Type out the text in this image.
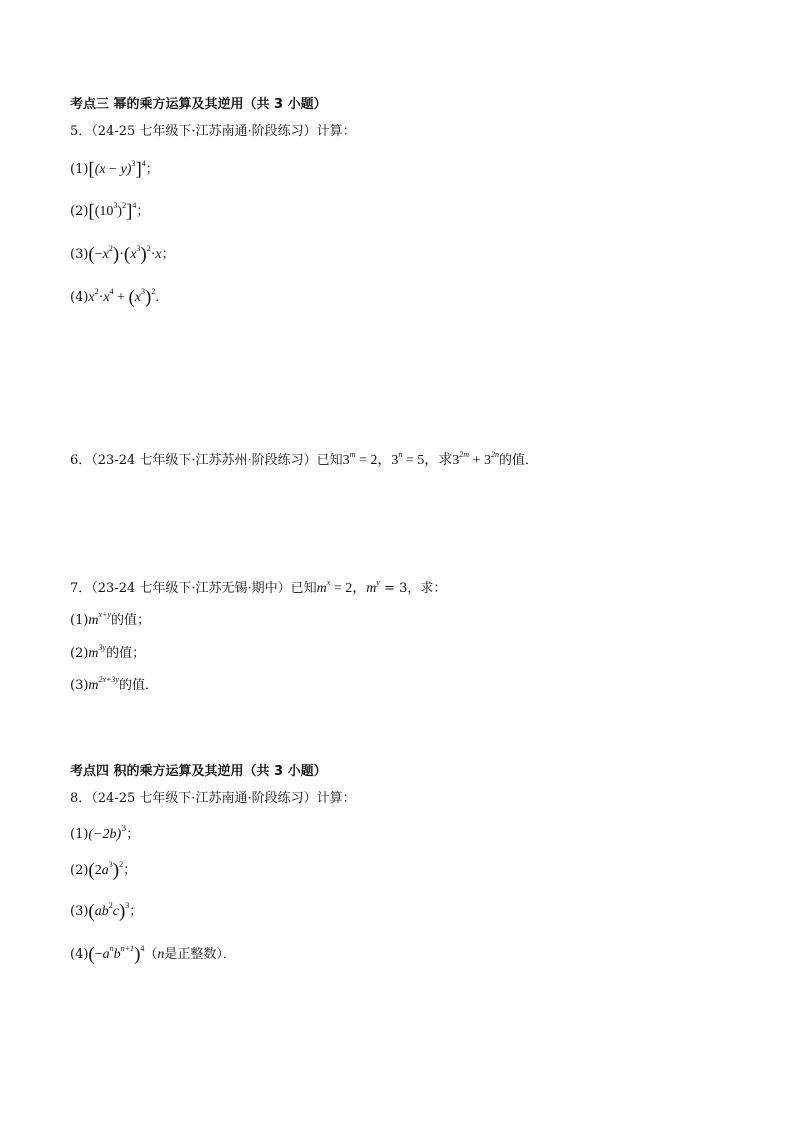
考点三 幂的乘方运算及其逆用（共 3 小题）
5．（24-25 七年级下·江苏南通·阶段练习）计算：
$(1)[(x - y)^3]^4$；
$(2)[(10^3)^2]^4$；
$(3)(-x^2)\cdot(x^3)^2\cdot x$；
$(4)x^2\cdot x^4 + (x^3)^2$．
6．（23-24 七年级下·江苏苏州·阶段练习）已知$3^m = 2$，$3^n = 5$，求$3^{2m} + 3^{2n}$的值．
7．（23-24 七年级下·江苏无锡·期中）已知$m^x = 2$，$m^y = 3$，求：
$(1)m^{x+y}$的值；
$(2)m^{3y}$的值；
$(3)m^{2x+3y}$的值．
考点四 积的乘方运算及其逆用（共 3 小题）
8．（24-25 七年级下·江苏南通·阶段练习）计算：
$(1)(-2b)^3$；
$(2)(2a^3)^2$；
$(3)(ab^2c)^3$；
$(4)(-a^nb^{n+1})^4(n$是正整数）．
